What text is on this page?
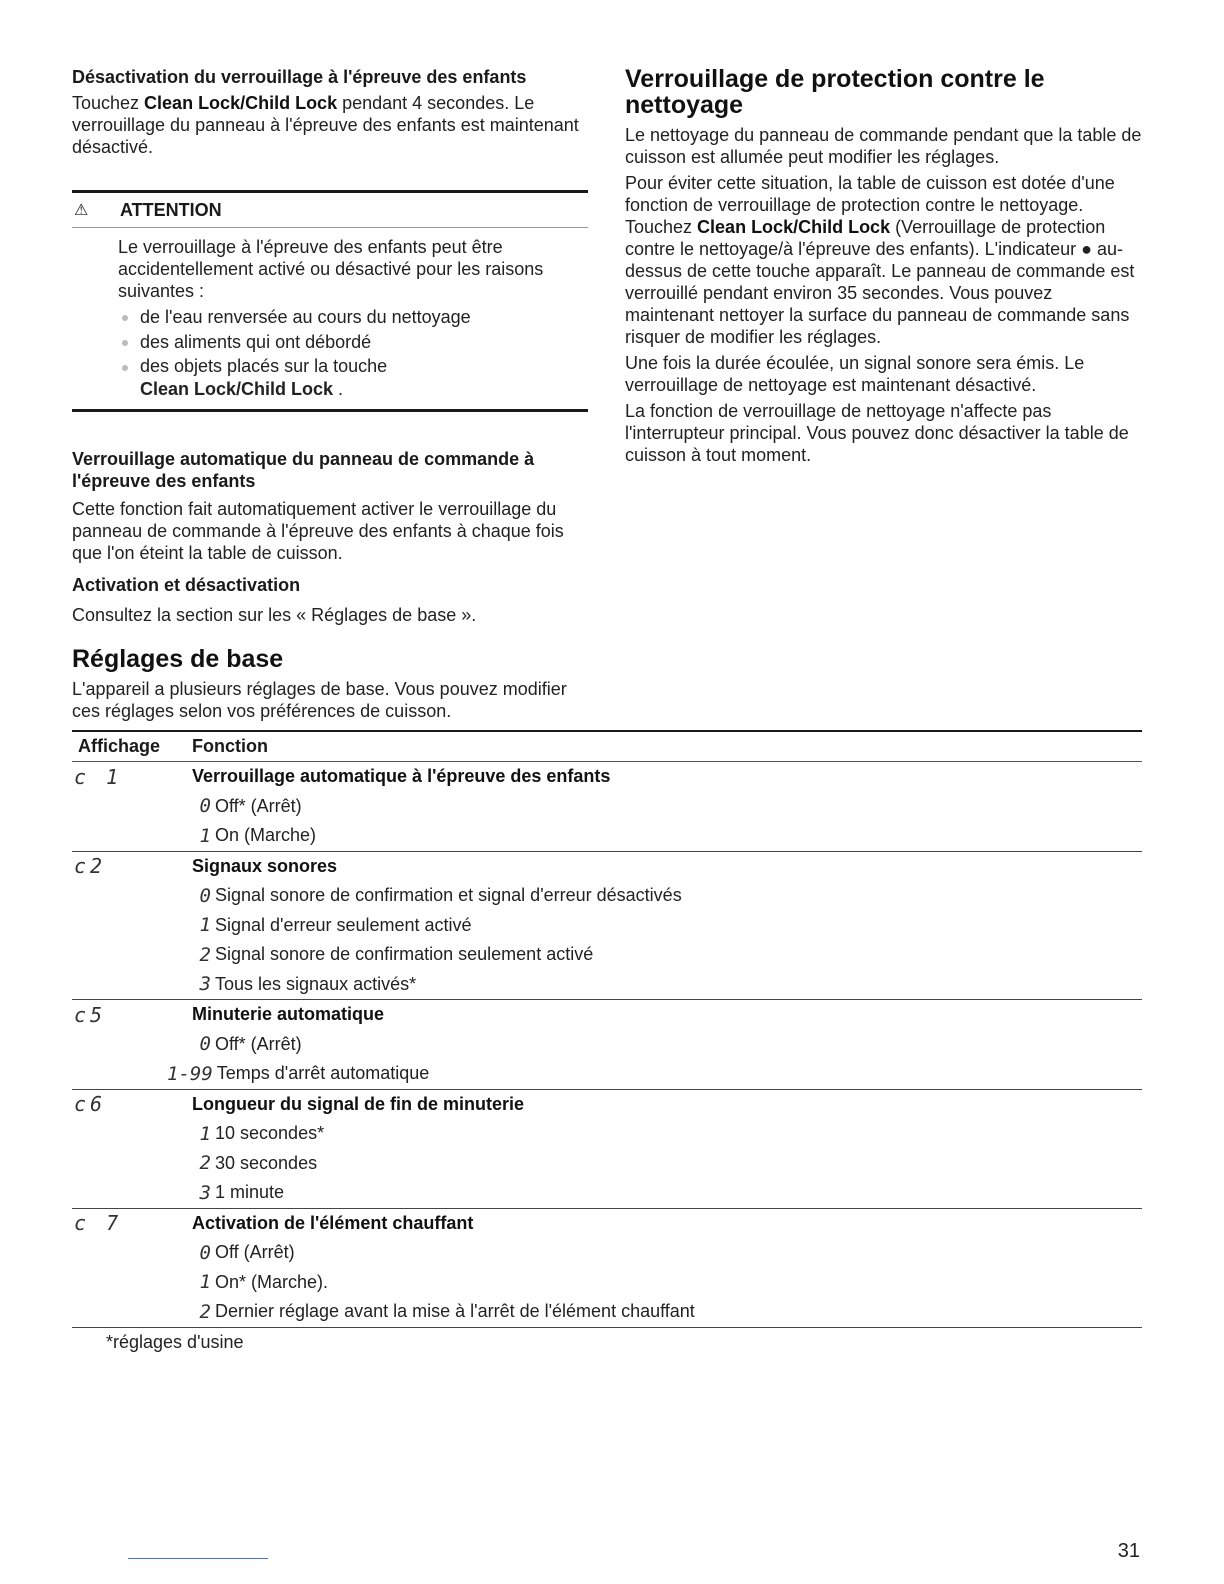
Désactivation du verrouillage à l'épreuve des enfants

Touchez Clean Lock/Child Lock pendant 4 secondes. Le verrouillage du panneau à l'épreuve des enfants est maintenant désactivé.

⚠	ATTENTION

Le verrouillage à l'épreuve des enfants peut être accidentellement activé ou désactivé pour les raisons suivantes :

de l'eau renversée au cours du nettoyage
des aliments qui ont débordé
des objets placés sur la touche
Clean Lock/Child Lock .

Verrouillage automatique du panneau de commande à l'épreuve des enfants

Cette fonction fait automatiquement activer le verrouillage du panneau de commande à l'épreuve des enfants à chaque fois que l'on éteint la table de cuisson.

Activation et désactivation

Consultez la section sur les « Réglages de base ».

Réglages de base

L'appareil a plusieurs réglages de base. Vous pouvez modifier ces réglages selon vos préférences de cuisson.

Verrouillage de protection contre le nettoyage

Le nettoyage du panneau de commande pendant que la table de cuisson est allumée peut modifier les réglages.

Pour éviter cette situation, la table de cuisson est dotée d'une fonction de verrouillage de protection contre le nettoyage. Touchez Clean Lock/Child Lock (Verrouillage de protection contre le nettoyage/à l'épreuve des enfants). L'indicateur ● au-dessus de cette touche apparaît. Le panneau de commande est verrouillé pendant environ 35 secondes. Vous pouvez maintenant nettoyer la surface du panneau de commande sans risquer de modifier les réglages.

Une fois la durée écoulée, un signal sonore sera émis. Le verrouillage de nettoyage est maintenant désactivé.

La fonction de verrouillage de nettoyage n'affecte pas l'interrupteur principal. Vous pouvez donc désactiver la table de cuisson à tout moment.

Affichage	Fonction
c 1	Verrouillage automatique à l'épreuve des enfants
0 Off* (Arrêt)
1 On (Marche)
c2	Signaux sonores
0 Signal sonore de confirmation et signal d'erreur désactivés
1 Signal d'erreur seulement activé
2 Signal sonore de confirmation seulement activé
3 Tous les signaux activés*
c5	Minuterie automatique
0 Off* (Arrêt)
1-99 Temps d'arrêt automatique
c6	Longueur du signal de fin de minuterie
1 10 secondes*
2 30 secondes
3 1 minute
c 7	Activation de l'élément chauffant
0 Off (Arrêt)
1 On* (Marche).
2 Dernier réglage avant la mise à l'arrêt de l'élément chauffant
*réglages d'usine
31
